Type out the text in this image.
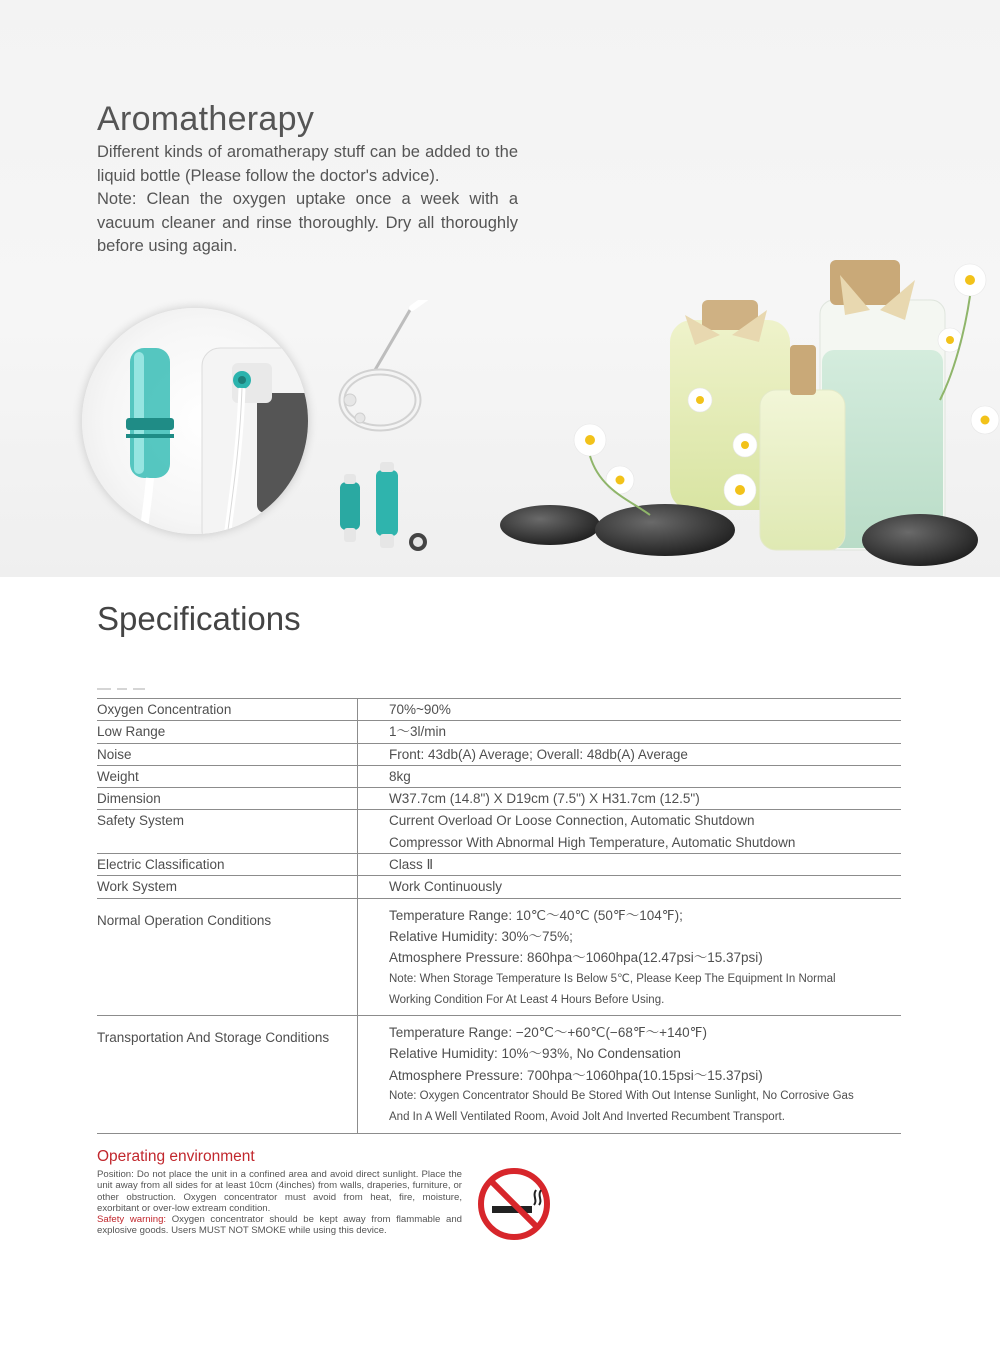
Aromatherapy

Different kinds of aromatherapy stuff can be added to the liquid bottle (Please follow the doctor's advice).

Note: Clean the oxygen uptake once a week with a vacuum cleaner and rinse thoroughly. Dry all thoroughly before using again.

Specifications
Oxygen Concentration	70%~90%
Low Range	1～3l/min
Noise	Front: 43db(A) Average; Overall: 48db(A) Average
Weight	8kg
Dimension	W37.7cm (14.8") X D19cm (7.5") X H31.7cm (12.5")
Safety System	Current Overload Or Loose Connection, Automatic Shutdown
Compressor With Abnormal High Temperature, Automatic Shutdown
Electric Classification	Class Ⅱ
Work System	Work Continuously
Normal Operation Conditions	Temperature Range: 10℃～40℃ (50℉～104℉);
Relative Humidity: 30%～75%;
Atmosphere Pressure: 860hpa～1060hpa(12.47psi～15.37psi)
Note: When Storage Temperature Is Below 5℃, Please Keep The Equipment In Normal
Working Condition For At Least 4 Hours Before Using.
Transportation And Storage Conditions	Temperature Range: −20℃～+60℃(−68℉～+140℉)
Relative Humidity: 10%～93%, No Condensation
Atmosphere Pressure: 700hpa～1060hpa(10.15psi～15.37psi)
Note: Oxygen Concentrator Should Be Stored With Out Intense Sunlight, No Corrosive Gas
And In A Well Ventilated Room, Avoid Jolt And Inverted Recumbent Transport.
Operating environment
Position: Do not place the unit in a confined area and avoid direct sunlight. Place the unit away from all sides for at least 10cm (4inches) from walls, draperies, furniture, or other obstruction. Oxygen concentrator must avoid from heat, fire, moisture, exorbitant or over-low extream condition.
Safety warning: Oxygen concentrator should be kept away from flammable and explosive goods. Users MUST NOT SMOKE while using this device.
